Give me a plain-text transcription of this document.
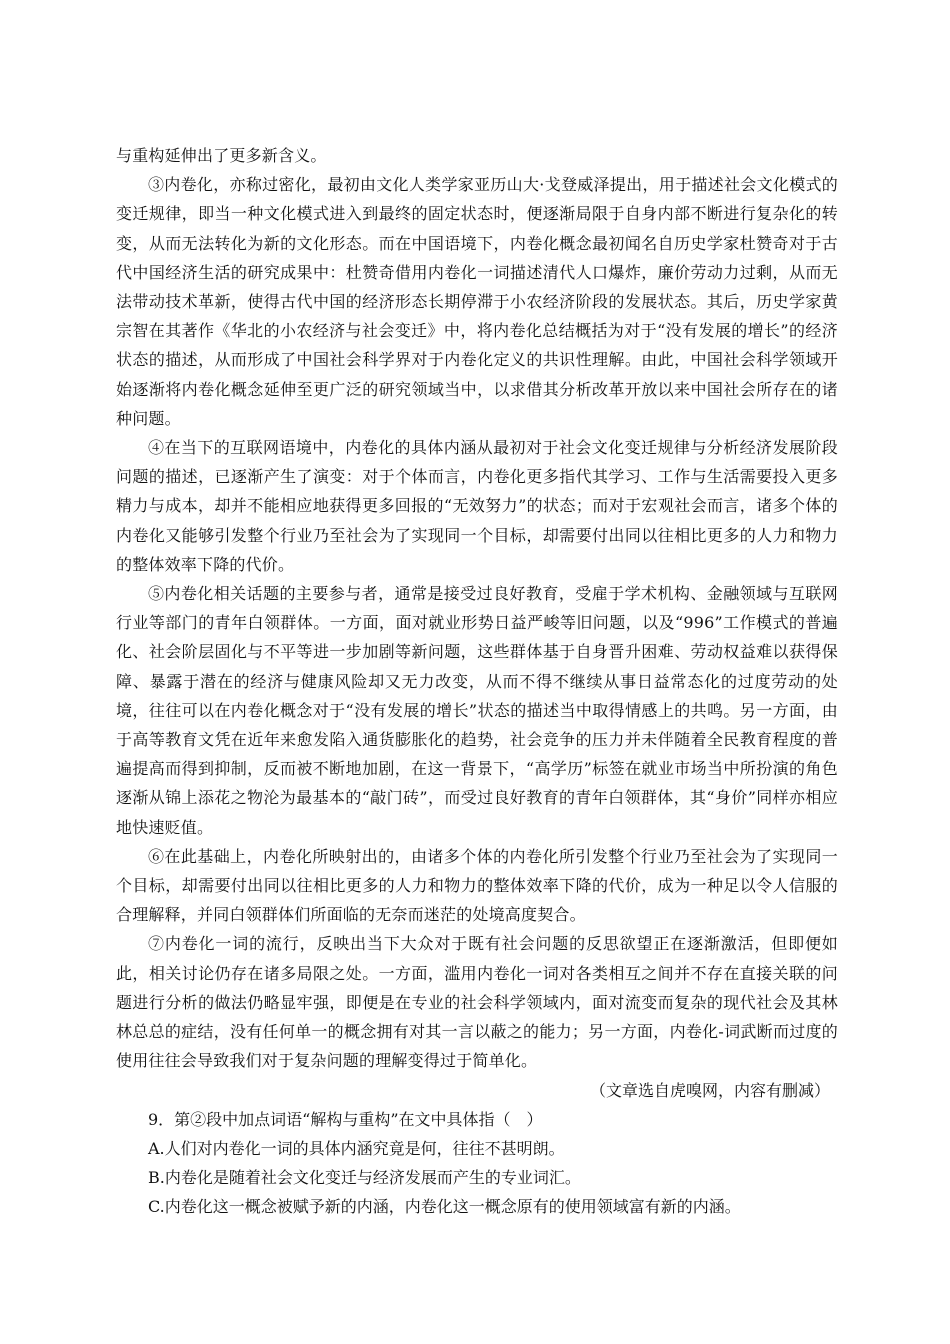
与重构延伸出了更多新含义。

③内卷化，亦称过密化，最初由文化人类学家亚历山大·戈登威泽提出，用于描述社会文化模式的变迁规律，即当一种文化模式进入到最终的固定状态时，便逐渐局限于自身内部不断进行复杂化的转变，从而无法转化为新的文化形态。而在中国语境下，内卷化概念最初闻名自历史学家杜赞奇对于古代中国经济生活的研究成果中：杜赞奇借用内卷化一词描述清代人口爆炸，廉价劳动力过剩，从而无法带动技术革新，使得古代中国的经济形态长期停滞于小农经济阶段的发展状态。其后，历史学家黄宗智在其著作《华北的小农经济与社会变迁》中，将内卷化总结概括为对于“没有发展的增长”的经济状态的描述，从而形成了中国社会科学界对于内卷化定义的共识性理解。由此，中国社会科学领域开始逐渐将内卷化概念延伸至更广泛的研究领域当中，以求借其分析改革开放以来中国社会所存在的诸种问题。

④在当下的互联网语境中，内卷化的具体内涵从最初对于社会文化变迁规律与分析经济发展阶段问题的描述，已逐渐产生了演变：对于个体而言，内卷化更多指代其学习、工作与生活需要投入更多精力与成本，却并不能相应地获得更多回报的“无效努力”的状态；而对于宏观社会而言，诸多个体的内卷化又能够引发整个行业乃至社会为了实现同一个目标，却需要付出同以往相比更多的人力和物力的整体效率下降的代价。

⑤内卷化相关话题的主要参与者，通常是接受过良好教育，受雇于学术机构、金融领域与互联网行业等部门的青年白领群体。一方面，面对就业形势日益严峻等旧问题，以及“996”工作模式的普遍化、社会阶层固化与不平等进一步加剧等新问题，这些群体基于自身晋升困难、劳动权益难以获得保障、暴露于潜在的经济与健康风险却又无力改变，从而不得不继续从事日益常态化的过度劳动的处境，往往可以在内卷化概念对于“没有发展的增长”状态的描述当中取得情感上的共鸣。另一方面，由于高等教育文凭在近年来愈发陷入通货膨胀化的趋势，社会竞争的压力并未伴随着全民教育程度的普遍提高而得到抑制，反而被不断地加剧，在这一背景下，“高学历”标签在就业市场当中所扮演的角色逐渐从锦上添花之物沦为最基本的“敲门砖”，而受过良好教育的青年白领群体，其“身价”同样亦相应地快速贬值。

⑥在此基础上，内卷化所映射出的，由诸多个体的内卷化所引发整个行业乃至社会为了实现同一个目标，却需要付出同以往相比更多的人力和物力的整体效率下降的代价，成为一种足以令人信服的合理解释，并同白领群体们所面临的无奈而迷茫的处境高度契合。

⑦内卷化一词的流行，反映出当下大众对于既有社会问题的反思欲望正在逐渐激活，但即便如此，相关讨论仍存在诸多局限之处。一方面，滥用内卷化一词对各类相互之间并不存在直接关联的问题进行分析的做法仍略显牢强，即便是在专业的社会科学领域内，面对流变而复杂的现代社会及其林林总总的症结，没有任何单一的概念拥有对其一言以蔽之的能力；另一方面，内卷化-词武断而过度的使用往往会导致我们对于复杂问题的理解变得过于简单化。

（文章选自虎嗅网，内容有删减）

9．第②段中加点词语“解构与重构”在文中具体指（　）

A.人们对内卷化一词的具体内涵究竟是何，往往不甚明朗。

B.内卷化是随着社会文化变迁与经济发展而产生的专业词汇。

C.内卷化这一概念被赋予新的内涵，内卷化这一概念原有的使用领域富有新的内涵。
